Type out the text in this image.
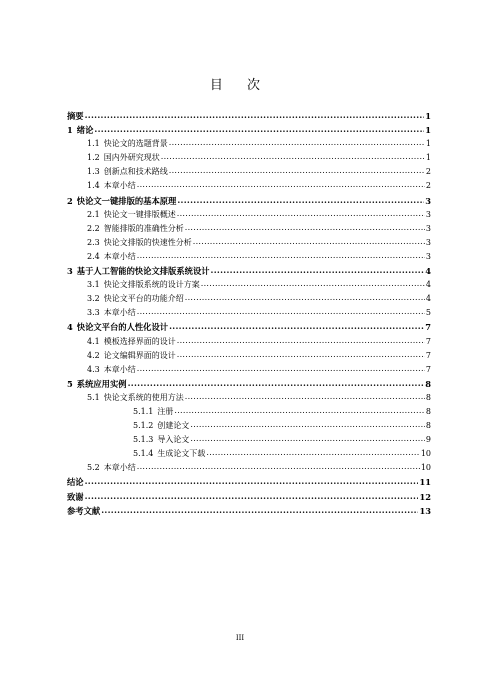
目 次
摘要 .....	1
1 绪论 .....	1
1.1 快论文的选题背景 .....	1
1.2 国内外研究现状 .....	1
1.3 创新点和技术路线 .....	2
1.4 本章小结 .....	2
2 快论文一键排版的基本原理 .....	3
2.1 快论文一键排版概述 .....	3
2.2 智能排版的准确性分析 .....	3
2.3 快论文排版的快速性分析 .....	3
2.4 本章小结 .....	3
3 基于人工智能的快论文排版系统设计 .....	4
3.1 快论文排版系统的设计方案 .....	4
3.2 快论文平台的功能介绍 .....	4
3.3 本章小结 .....	5
4 快论文平台的人性化设计 .....	7
4.1 模板选择界面的设计 .....	7
4.2 论文编辑界面的设计 .....	7
4.3 本章小结 .....	7
5 系统应用实例 .....	8
5.1 快论文系统的使用方法 .....	8
5.1.1 注册 .....	8
5.1.2 创建论文 .....	8
5.1.3 导入论文 .....	9
5.1.4 生成论文下载 .....	10
5.2 本章小结 .....	10
结论 .....	11
致谢 .....	12
参考文献 .....	13
III
